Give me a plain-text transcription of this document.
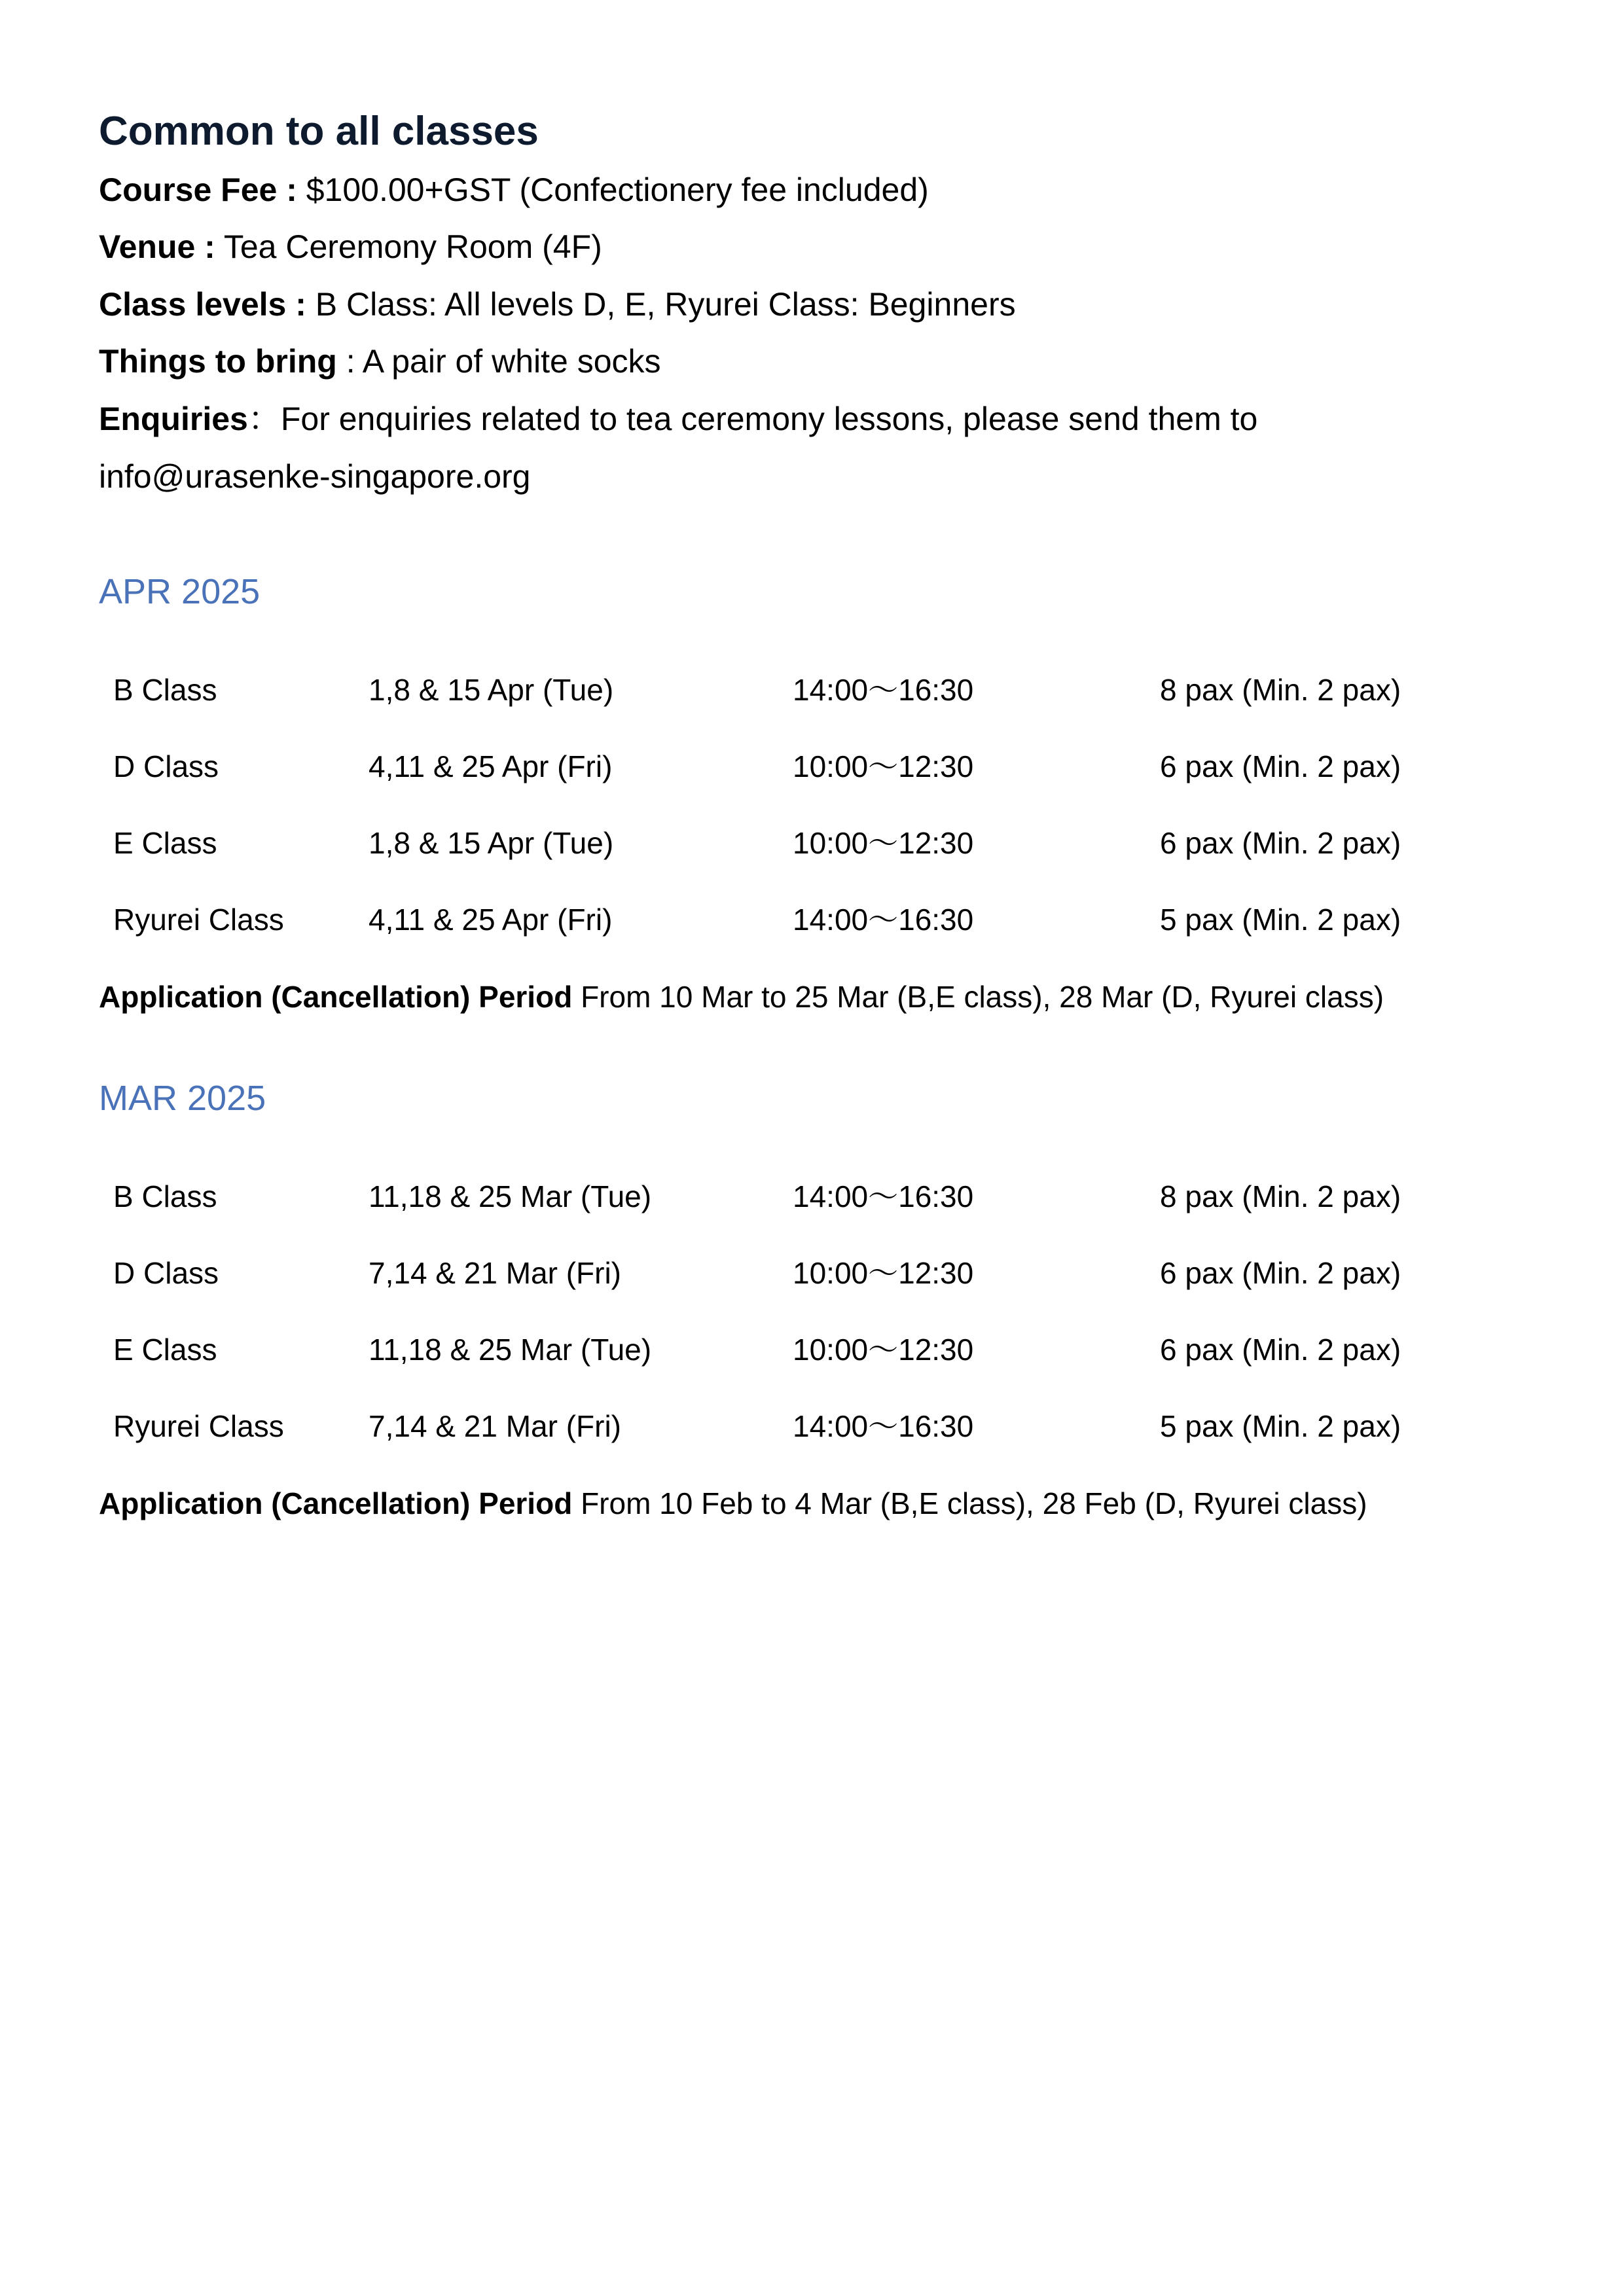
Common to all classes
Course Fee : $100.00+GST (Confectionery fee included)
Venue : Tea Ceremony Room (4F)
Class levels : B Class: All levels D, E, Ryurei Class: Beginners
Things to bring : A pair of white socks
Enquiries：For enquiries related to tea ceremony lessons, please send them to
info@urasenke-singapore.org
APR 2025
B Class	1,8 & 15 Apr (Tue)	14:00～16:30	8 pax (Min. 2 pax)
D Class	4,11 & 25 Apr (Fri)	10:00～12:30	6 pax (Min. 2 pax)
E Class	1,8 & 15 Apr (Tue)	10:00～12:30	6 pax (Min. 2 pax)
Ryurei Class	4,11 & 25 Apr (Fri)	14:00～16:30	5 pax (Min. 2 pax)
Application (Cancellation) Period From 10 Mar to 25 Mar (B,E class), 28 Mar (D, Ryurei class)
MAR 2025
B Class	11,18 & 25 Mar (Tue)	14:00～16:30	8 pax (Min. 2 pax)
D Class	7,14 & 21 Mar (Fri)	10:00～12:30	6 pax (Min. 2 pax)
E Class	11,18 & 25 Mar (Tue)	10:00～12:30	6 pax (Min. 2 pax)
Ryurei Class	7,14 & 21 Mar (Fri)	14:00～16:30	5 pax (Min. 2 pax)
Application (Cancellation) Period From 10 Feb to 4 Mar (B,E class), 28 Feb (D, Ryurei class)
